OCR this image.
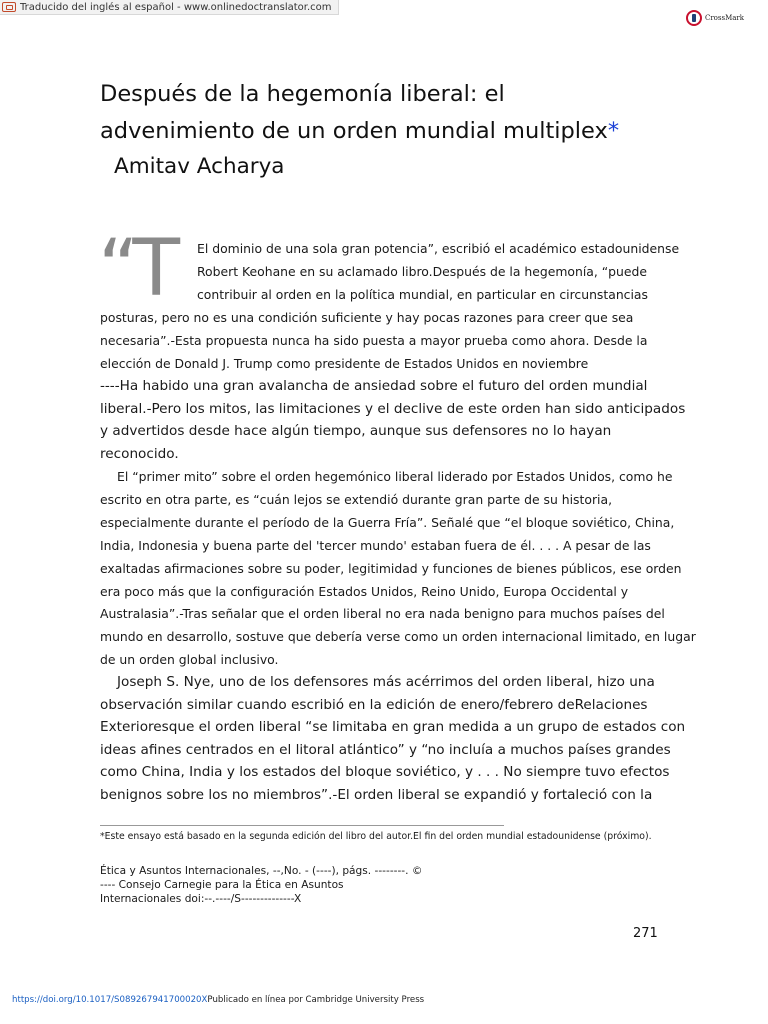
Traducido del inglés al español - www.onlinedoctranslator.com
CrossMark
Después de la hegemonía liberal: el
advenimiento de un orden mundial multiplex*

Amitav Acharya

“T	El dominio de una sola gran potencia”, escribió el académico estadounidense
Robert Keohane en su aclamado libro.Después de la hegemonía, “puede
contribuir al orden en la política mundial, en particular en circunstancias
posturas, pero no es una condición suficiente y hay pocas razones para creer que sea
necesaria”.-Esta propuesta nunca ha sido puesta a mayor prueba como ahora. Desde la
elección de Donald J. Trump como presidente de Estados Unidos en noviembre

----Ha habido una gran avalancha de ansiedad sobre el futuro del orden mundial
liberal.-Pero los mitos, las limitaciones y el declive de este orden han sido anticipados
y advertidos desde hace algún tiempo, aunque sus defensores no lo hayan
reconocido.

El “primer mito” sobre el orden hegemónico liberal liderado por Estados Unidos, como he
escrito en otra parte, es “cuán lejos se extendió durante gran parte de su historia,
especialmente durante el período de la Guerra Fría”. Señalé que “el bloque soviético, China,
India, Indonesia y buena parte del 'tercer mundo' estaban fuera de él. . . . A pesar de las
exaltadas afirmaciones sobre su poder, legitimidad y funciones de bienes públicos, ese orden
era poco más que la configuración Estados Unidos, Reino Unido, Europa Occidental y
Australasia”.-Tras señalar que el orden liberal no era nada benigno para muchos países del
mundo en desarrollo, sostuve que debería verse como un orden internacional limitado, en lugar
de un orden global inclusivo.

Joseph S. Nye, uno de los defensores más acérrimos del orden liberal, hizo una
observación similar cuando escribió en la edición de enero/febrero deRelaciones
Exterioresque el orden liberal “se limitaba en gran medida a un grupo de estados con
ideas afines centrados en el litoral atlántico” y “no incluía a muchos países grandes
como China, India y los estados del bloque soviético, y . . . No siempre tuvo efectos
benignos sobre los no miembros”.-El orden liberal se expandió y fortaleció con la

*Este ensayo está basado en la segunda edición del libro del autor.El fin del orden mundial estadounidense (próximo).

Ética y Asuntos Internacionales, --,No. - (----), págs. --------. ©
---- Consejo Carnegie para la Ética en Asuntos
Internacionales doi:--.----/S--------------X

271

https://doi.org/10.1017/S089267941700020XPublicado en línea por Cambridge University Press
